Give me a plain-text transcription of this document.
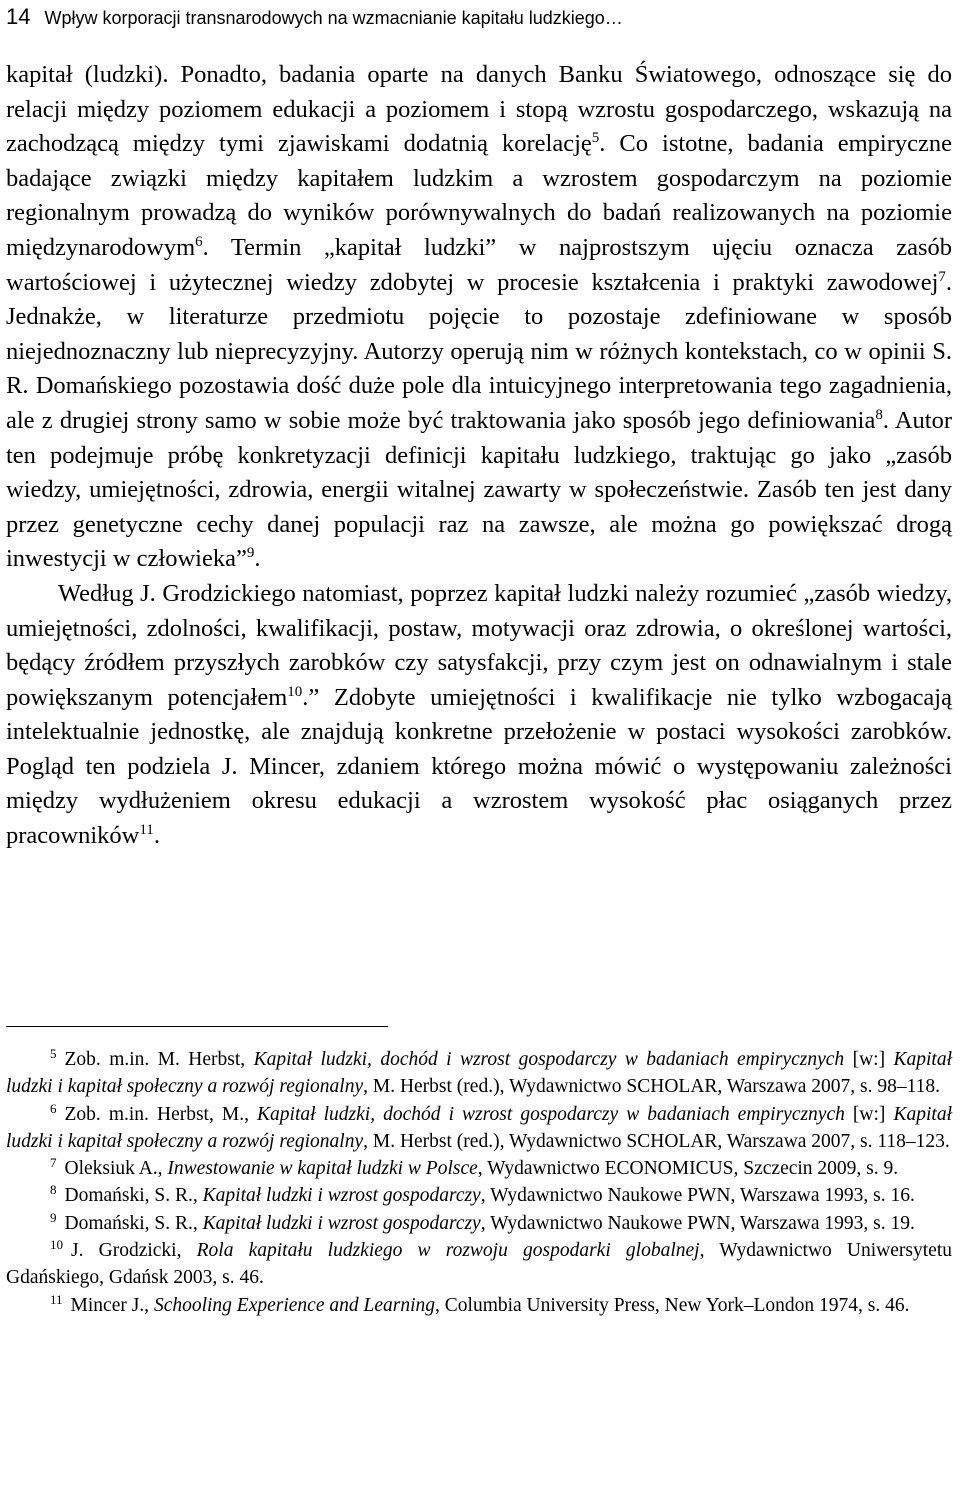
14 Wpływ korporacji transnarodowych na wzmacnianie kapitału ludzkiego…

kapitał (ludzki). Ponadto, badania oparte na danych Banku Światowego, odnoszące się do relacji między poziomem edukacji a poziomem i stopą wzrostu gospodarczego, wskazują na zachodzącą między tymi zjawiskami dodatnią korelację$^5$. Co istotne, badania empiryczne badające związki między kapitałem ludzkim a wzrostem gospodarczym na poziomie regionalnym prowadzą do wyników porównywalnych do badań realizowanych na poziomie międzynarodowym$^6$. Termin „kapitał ludzki” w najprostszym ujęciu oznacza zasób wartościowej i użytecznej wiedzy zdobytej w procesie kształcenia i praktyki zawodowej$^7$. Jednakże, w literaturze przedmiotu pojęcie to pozostaje zdefiniowane w sposób niejednoznaczny lub nieprecyzyjny. Autorzy operują nim w różnych kontekstach, co w opinii S. R. Domańskiego pozostawia dość duże pole dla intuicyjnego interpretowania tego zagadnienia, ale z drugiej strony samo w sobie może być traktowania jako sposób jego definiowania$^8$. Autor ten podejmuje próbę konkretyzacji definicji kapitału ludzkiego, traktując go jako „zasób wiedzy, umiejętności, zdrowia, energii witalnej zawarty w społeczeństwie. Zasób ten jest dany przez genetyczne cechy danej populacji raz na zawsze, ale można go powiększać drogą inwestycji w człowieka”$^9$.

Według J. Grodzickiego natomiast, poprzez kapitał ludzki należy rozumieć „zasób wiedzy, umiejętności, zdolności, kwalifikacji, postaw, motywacji oraz zdrowia, o określonej wartości, będący źródłem przyszłych zarobków czy satysfakcji, przy czym jest on odnawialnym i stale powiększanym potencjałem$^{10}$.” Zdobyte umiejętności i kwalifikacje nie tylko wzbogacają intelektualnie jednostkę, ale znajdują konkretne przełożenie w postaci wysokości zarobków. Pogląd ten podziela J. Mincer, zdaniem którego można mówić o występowaniu zależności między wydłużeniem okresu edukacji a wzrostem wysokość płac osiąganych przez pracowników$^{11}$.

$^5$ Zob. m.in. M. Herbst, Kapitał ludzki, dochód i wzrost gospodarczy w badaniach empirycznych [w:] Kapitał ludzki i kapitał społeczny a rozwój regionalny, M. Herbst (red.), Wydawnictwo SCHOLAR, Warszawa 2007, s. 98–118.

$^6$ Zob. m.in. Herbst, M., Kapitał ludzki, dochód i wzrost gospodarczy w badaniach empirycznych [w:] Kapitał ludzki i kapitał społeczny a rozwój regionalny, M. Herbst (red.), Wydawnictwo SCHOLAR, Warszawa 2007, s. 118–123.

$^7$ Oleksiuk A., Inwestowanie w kapitał ludzki w Polsce, Wydawnictwo ECONOMICUS, Szczecin 2009, s. 9.

$^8$ Domański, S. R., Kapitał ludzki i wzrost gospodarczy, Wydawnictwo Naukowe PWN, Warszawa 1993, s. 16.

$^9$ Domański, S. R., Kapitał ludzki i wzrost gospodarczy, Wydawnictwo Naukowe PWN, Warszawa 1993, s. 19.

$^{10}$ J. Grodzicki, Rola kapitału ludzkiego w rozwoju gospodarki globalnej, Wydawnictwo Uniwersytetu Gdańskiego, Gdańsk 2003, s. 46.

$^{11}$ Mincer J., Schooling Experience and Learning, Columbia University Press, New York–London 1974, s. 46.
